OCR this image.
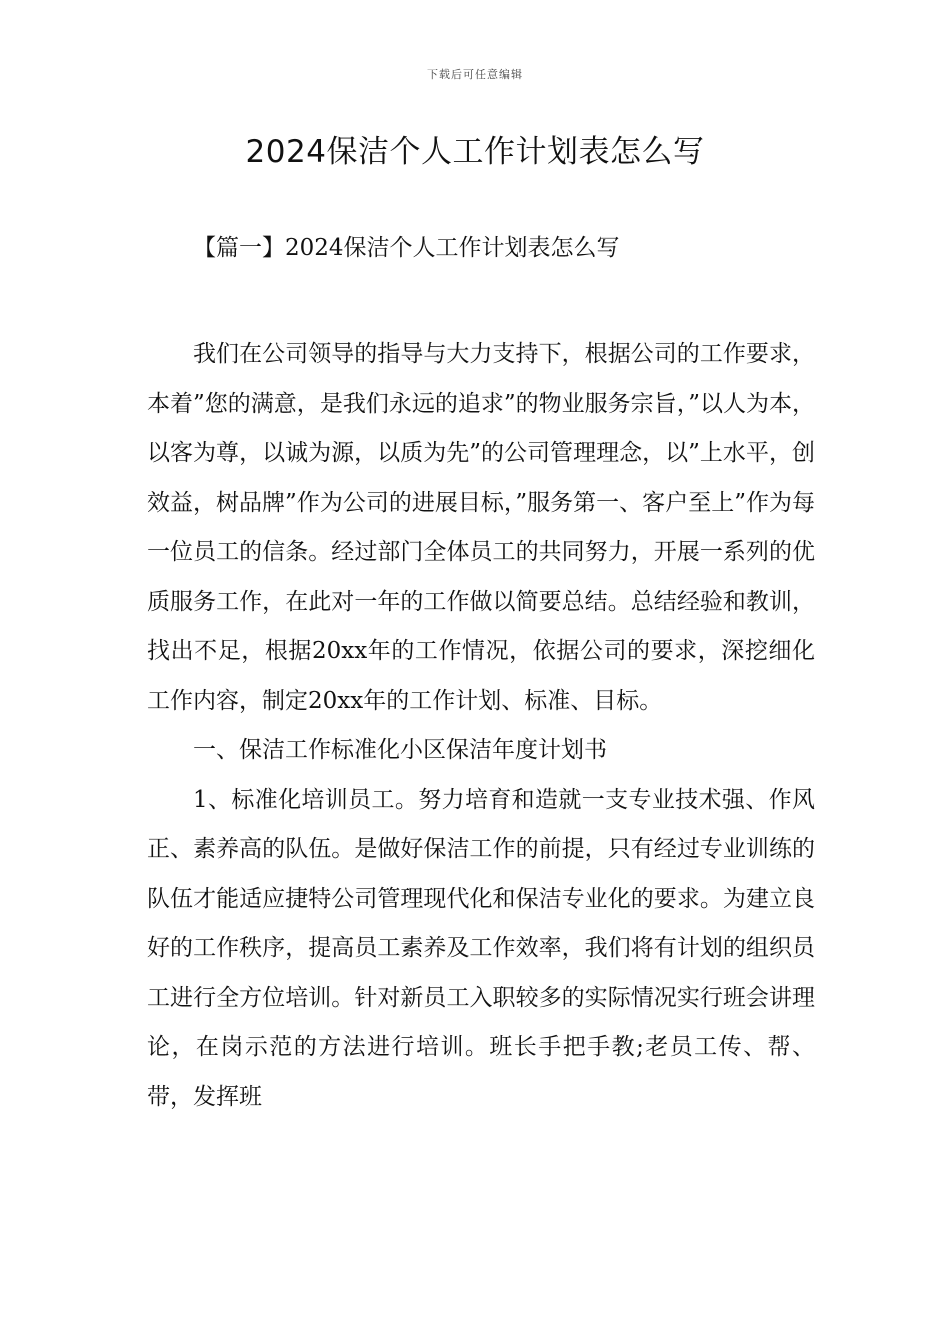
下载后可任意编辑
2024保洁个人工作计划表怎么写
【篇一】2024保洁个人工作计划表怎么写

我们在公司领导的指导与大力支持下，根据公司的工作要求，本着”您的满意，是我们永远的追求”的物业服务宗旨，”以人为本，以客为尊，以诚为源，以质为先”的公司管理理念，以”上水平，创效益，树品牌”作为公司的进展目标，”服务第一、客户至上”作为每一位员工的信条。经过部门全体员工的共同努力，开展一系列的优质服务工作，在此对一年的工作做以简要总结。总结经验和教训，找出不足，根据20xx年的工作情况，依据公司的要求，深挖细化工作内容，制定20xx年的工作计划、标准、目标。

一、保洁工作标准化小区保洁年度计划书

1、标准化培训员工。努力培育和造就一支专业技术强、作风正、素养高的队伍。是做好保洁工作的前提，只有经过专业训练的队伍才能适应捷特公司管理现代化和保洁专业化的要求。为建立良好的工作秩序，提高员工素养及工作效率，我们将有计划的组织员工进行全方位培训。针对新员工入职较多的实际情况实行班会讲理论，在岗示范的方法进行培训。班长手把手教;老员工传、帮、带，发挥班
